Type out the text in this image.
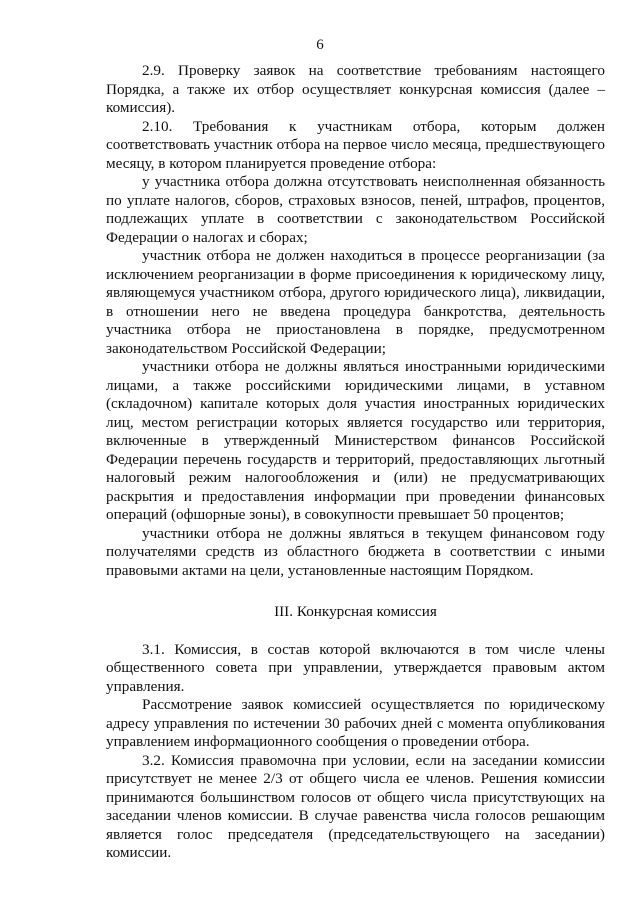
6

2.9. Проверку заявок на соответствие требованиям настоящего Порядка, а также их отбор осуществляет конкурсная комиссия (далее – комиссия).

2.10. Требования к участникам отбора, которым должен соответствовать участник отбора на первое число месяца, предшествующего месяцу, в котором планируется проведение отбора:

у участника отбора должна отсутствовать неисполненная обязанность по уплате налогов, сборов, страховых взносов, пеней, штрафов, процентов, подлежащих уплате в соответствии с законодательством Российской Федерации о налогах и сборах;

участник отбора не должен находиться в процессе реорганизации (за исключением реорганизации в форме присоединения к юридическому лицу, являющемуся участником отбора, другого юридического лица), ликвидации, в отношении него не введена процедура банкротства, деятельность участника отбора не приостановлена в порядке, предусмотренном законодательством Российской Федерации;

участники отбора не должны являться иностранными юридическими лицами, а также российскими юридическими лицами, в уставном (складочном) капитале которых доля участия иностранных юридических лиц, местом регистрации которых является государство или территория, включенные в утвержденный Министерством финансов Российской Федерации перечень государств и территорий, предоставляющих льготный налоговый режим налогообложения и (или) не предусматривающих раскрытия и предоставления информации при проведении финансовых операций (офшорные зоны), в совокупности превышает 50 процентов;

участники отбора не должны являться в текущем финансовом году получателями средств из областного бюджета в соответствии с иными правовыми актами на цели, установленные настоящим Порядком.

III. Конкурсная комиссия

3.1. Комиссия, в состав которой включаются в том числе члены общественного совета при управлении, утверждается правовым актом управления.

Рассмотрение заявок комиссией осуществляется по юридическому адресу управления по истечении 30 рабочих дней с момента опубликования управлением информационного сообщения о проведении отбора.

3.2. Комиссия правомочна при условии, если на заседании комиссии присутствует не менее 2/3 от общего числа ее членов. Решения комиссии принимаются большинством голосов от общего числа присутствующих на заседании членов комиссии. В случае равенства числа голосов решающим является голос председателя (председательствующего на заседании) комиссии.
